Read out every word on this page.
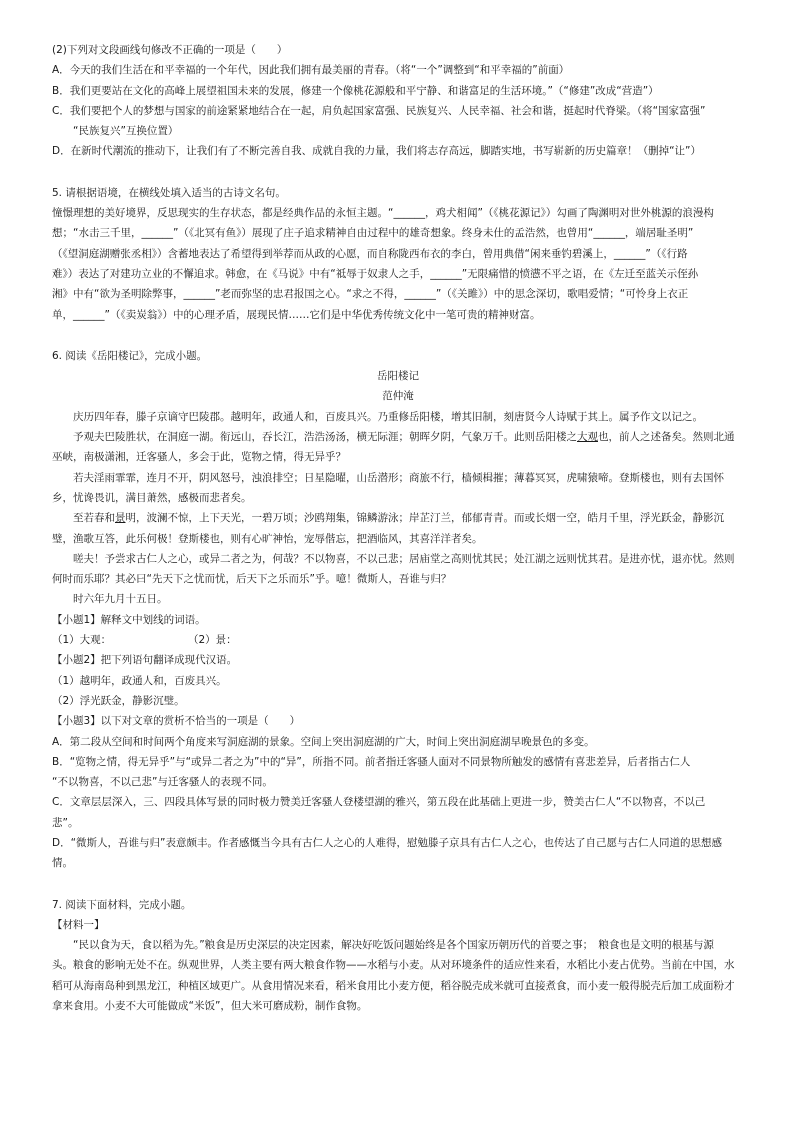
(2)下列对文段画线句修改不正确的一项是（　　）
A．今天的我们生活在和平幸福的一个年代，因此我们拥有最美丽的青春。（将“一个”调整到“和平幸福的”前面）
B．我们更要站在文化的高峰上展望祖国未来的发展，修建一个像桃花源般和平宁静、和谐富足的生活环境。”（“修建”改成“营造”）
C．我们要把个人的梦想与国家的前途紧紧地结合在一起，肩负起国家富强、民族复兴、人民幸福、社会和谐，挺起时代脊梁。（将“国家富强”
“民族复兴”互换位置）
D．在新时代潮流的推动下，让我们有了不断完善自我、成就自我的力量，我们将志存高远，脚踏实地，书写崭新的历史篇章！（删掉“让”）
5. 请根据语境，在横线处填入适当的古诗文名句。
憧憬理想的美好境界，反思现实的生存状态，都是经典作品的永恒主题。“______，鸡犬相闻”（《桃花源记》）勾画了陶渊明对世外桃源的浪漫构
想；“水击三千里，______”（《北冥有鱼》）展现了庄子追求精神自由过程中的雄奇想象。终身未仕的孟浩然，也曾用“______，端居耻圣明”
（《望洞庭湖赠张丞相》）含蓄地表达了希望得到举荐而从政的心愿，而自称陇西布衣的李白，曾用典借“闲来垂钓碧溪上，______”（《行路
难》）表达了对建功立业的不懈追求。韩愈，在《马说》中有“祗辱于奴隶人之手，______”无限痛惜的愤懑不平之语，在《左迁至蓝关示侄孙
湘》中有“欲为圣明除弊事，______”老而弥坚的忠君报国之心。“求之不得，______”（《关雎》）中的思念深切，歌唱爱情；“可怜身上衣正
单，______”（《卖炭翁》）中的心理矛盾，展现民情……它们是中华优秀传统文化中一笔可贵的精神财富。
6. 阅读《岳阳楼记》，完成小题。
岳阳楼记
范仲淹
庆历四年春，滕子京谪守巴陵郡。越明年，政通人和，百废具兴。乃重修岳阳楼，增其旧制，刻唐贤今人诗赋于其上。属予作文以记之。
予观夫巴陵胜状，在洞庭一湖。衔远山，吞长江，浩浩汤汤，横无际涯；朝晖夕阴，气象万千。此则岳阳楼之大观也，前人之述备矣。然则北通
巫峡，南极潇湘，迁客骚人，多会于此，览物之情，得无异乎？
若夫淫雨霏霏，连月不开，阴风怒号，浊浪排空；日星隐曜，山岳潜形；商旅不行，樯倾楫摧；薄暮冥冥，虎啸猿啼。登斯楼也，则有去国怀
乡，忧谗畏讥，满目萧然，感极而悲者矣。
至若春和景明，波澜不惊，上下天光，一碧万顷；沙鸥翔集，锦鳞游泳；岸芷汀兰，郁郁青青。而或长烟一空，皓月千里，浮光跃金，静影沉
璧，渔歌互答，此乐何极！登斯楼也，则有心旷神怡，宠辱偕忘，把酒临风，其喜洋洋者矣。
嗟夫！予尝求古仁人之心，或异二者之为，何哉？不以物喜，不以己悲；居庙堂之高则忧其民；处江湖之远则忧其君。是进亦忧，退亦忧。然则
何时而乐耶？其必曰“先天下之忧而忧，后天下之乐而乐”乎。噫！微斯人，吾谁与归？
时六年九月十五日。
【小题1】解释文中划线的词语。
（1）大观：	（2）景：
【小题2】把下列语句翻译成现代汉语。
（1）越明年，政通人和，百废具兴。
（2）浮光跃金，静影沉璧。
【小题3】以下对文章的赏析不恰当的一项是（　　）
A．第二段从空间和时间两个角度来写洞庭湖的景象。空间上突出洞庭湖的广大，时间上突出洞庭湖早晚景色的多变。
B．“览物之情，得无异乎”与“或异二者之为”中的“异”，所指不同。前者指迁客骚人面对不同景物所触发的感情有喜悲差异，后者指古仁人
“不以物喜，不以己悲”与迁客骚人的表现不同。
C．文章层层深入，三、四段具体写景的同时极力赞美迁客骚人登楼望湖的雅兴，第五段在此基础上更进一步，赞美古仁人“不以物喜，不以己
悲”。
D．“微斯人，吾谁与归”表意颇丰。作者感慨当今具有古仁人之心的人难得，慰勉滕子京具有古仁人之心，也传达了自己愿与古仁人同道的思想感
情。
7. 阅读下面材料，完成小题。
【材料一】
“民以食为天，食以稻为先。”粮食是历史深层的决定因素，解决好吃饭问题始终是各个国家历朝历代的首要之事；　粮食也是文明的根基与源
头。粮食的影响无处不在。纵观世界，人类主要有两大粮食作物——水稻与小麦。从对环境条件的适应性来看，水稻比小麦占优势。当前在中国，水
稻可从海南岛种到黑龙江，种植区域更广。从食用情况来看，稻米食用比小麦方便，稻谷脱壳成米就可直接煮食，而小麦一般得脱壳后加工成面粉才
拿来食用。小麦不大可能做成“米饭”，但大米可磨成粉，制作食物。
